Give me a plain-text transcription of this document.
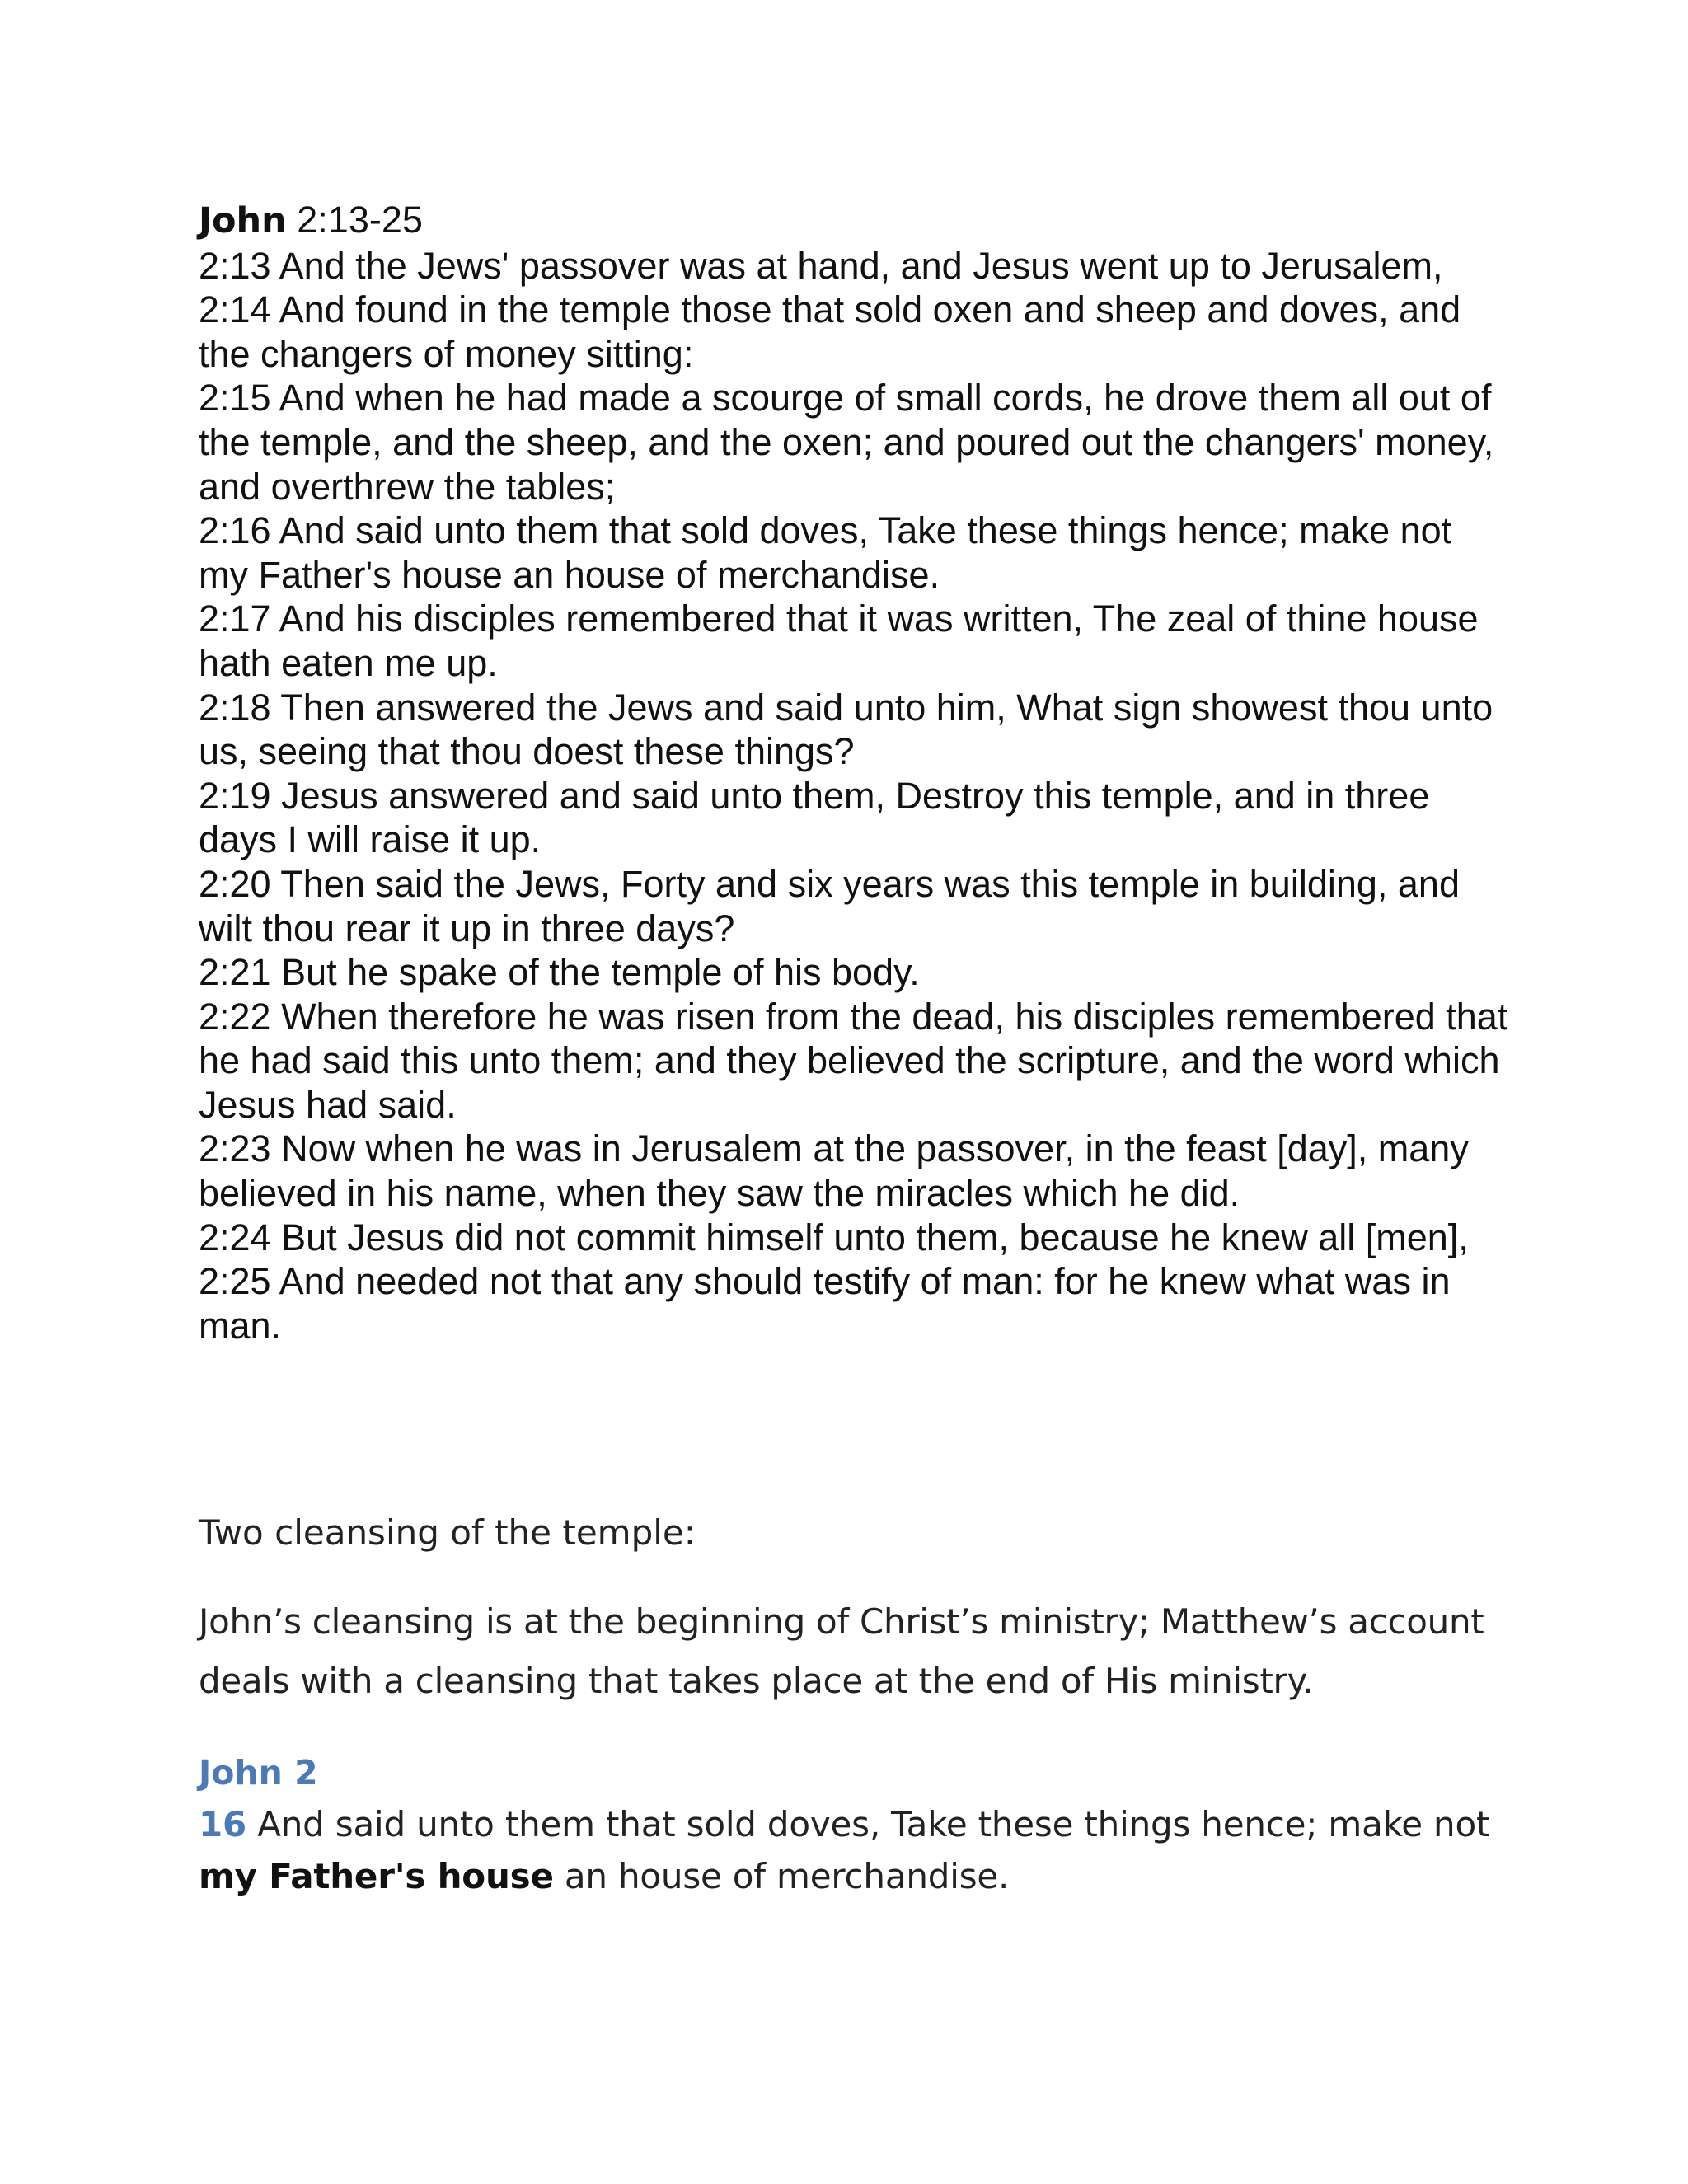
John 2:13-25

2:13 And the Jews' passover was at hand, and Jesus went up to Jerusalem,

2:14 And found in the temple those that sold oxen and sheep and doves, and the changers of money sitting:

2:15 And when he had made a scourge of small cords, he drove them all out of the temple, and the sheep, and the oxen; and poured out the changers' money, and overthrew the tables;

2:16 And said unto them that sold doves, Take these things hence; make not my Father's house an house of merchandise.

2:17 And his disciples remembered that it was written, The zeal of thine house hath eaten me up.

2:18 Then answered the Jews and said unto him, What sign showest thou unto us, seeing that thou doest these things?

2:19 Jesus answered and said unto them, Destroy this temple, and in three days I will raise it up.

2:20 Then said the Jews, Forty and six years was this temple in building, and wilt thou rear it up in three days?

2:21 But he spake of the temple of his body.

2:22 When therefore he was risen from the dead, his disciples remembered that he had said this unto them; and they believed the scripture, and the word which Jesus had said.

2:23 Now when he was in Jerusalem at the passover, in the feast [day], many believed in his name, when they saw the miracles which he did.

2:24 But Jesus did not commit himself unto them, because he knew all [men],

2:25 And needed not that any should testify of man: for he knew what was in man.

Two cleansing of the temple:
John’s cleansing is at the beginning of Christ’s ministry; Matthew’s account deals with a cleansing that takes place at the end of His ministry.
John 2
16 And said unto them that sold doves, Take these things hence; make not my Father's house an house of merchandise.
